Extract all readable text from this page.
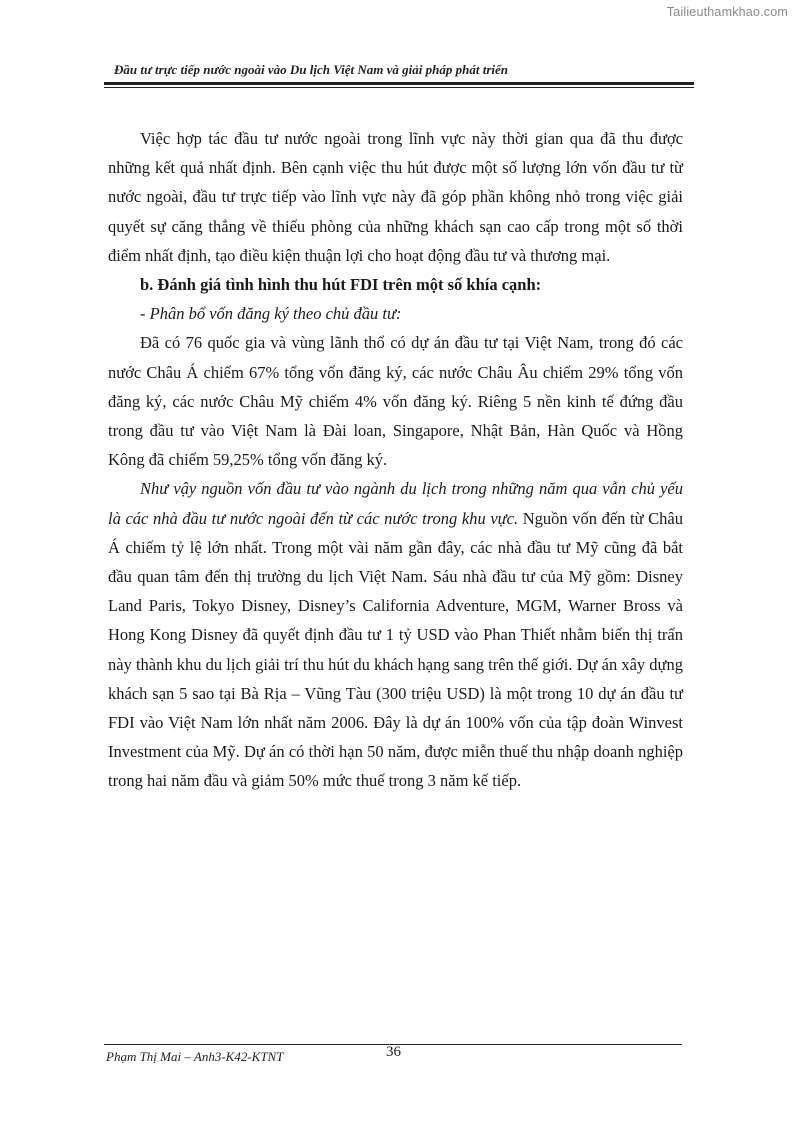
Tailieuthamkhao.com
Đầu tư trực tiếp nước ngoài vào Du lịch Việt Nam và giải pháp phát triển

Việc hợp tác đầu tư nước ngoài trong lĩnh vực này thời gian qua đã thu được những kết quả nhất định. Bên cạnh việc thu hút được một số lượng lớn vốn đầu tư từ nước ngoài, đầu tư trực tiếp vào lĩnh vực này đã góp phần không nhỏ trong việc giải quyết sự căng thẳng về thiếu phòng của những khách sạn cao cấp trong một số thời điểm nhất định, tạo điều kiện thuận lợi cho hoạt động đầu tư và thương mại.

b. Đánh giá tình hình thu hút FDI trên một số khía cạnh:

- Phân bổ vốn đăng ký theo chủ đầu tư:

Đã có 76 quốc gia và vùng lãnh thổ có dự án đầu tư tại Việt Nam, trong đó các nước Châu Á chiếm 67% tổng vốn đăng ký, các nước Châu Âu chiếm 29% tổng vốn đăng ký, các nước Châu Mỹ chiếm 4% vốn đăng ký. Riêng 5 nền kinh tế đứng đầu trong đầu tư vào Việt Nam là Đài loan, Singapore, Nhật Bản, Hàn Quốc và Hồng Kông đã chiếm 59,25% tổng vốn đăng ký.

Như vậy nguồn vốn đầu tư vào ngành du lịch trong những năm qua vẫn chủ yếu là các nhà đầu tư nước ngoài đến từ các nước trong khu vực. Nguồn vốn đến từ Châu Á chiếm tỷ lệ lớn nhất. Trong một vài năm gần đây, các nhà đầu tư Mỹ cũng đã bắt đầu quan tâm đến thị trường du lịch Việt Nam. Sáu nhà đầu tư của Mỹ gồm: Disney Land Paris, Tokyo Disney, Disney’s California Adventure, MGM, Warner Bross và Hong Kong Disney đã quyết định đầu tư 1 tỷ USD vào Phan Thiết nhằm biến thị trấn này thành khu du lịch giải trí thu hút du khách hạng sang trên thế giới. Dự án xây dựng khách sạn 5 sao tại Bà Rịa – Vũng Tàu (300 triệu USD) là một trong 10 dự án đầu tư FDI vào Việt Nam lớn nhất năm 2006. Đây là dự án 100% vốn của tập đoàn Winvest Investment của Mỹ. Dự án có thời hạn 50 năm, được miễn thuế thu nhập doanh nghiệp trong hai năm đầu và giảm 50% mức thuế trong 3 năm kế tiếp.

Phạm Thị Mai – Anh3-K42-KTNT	36
